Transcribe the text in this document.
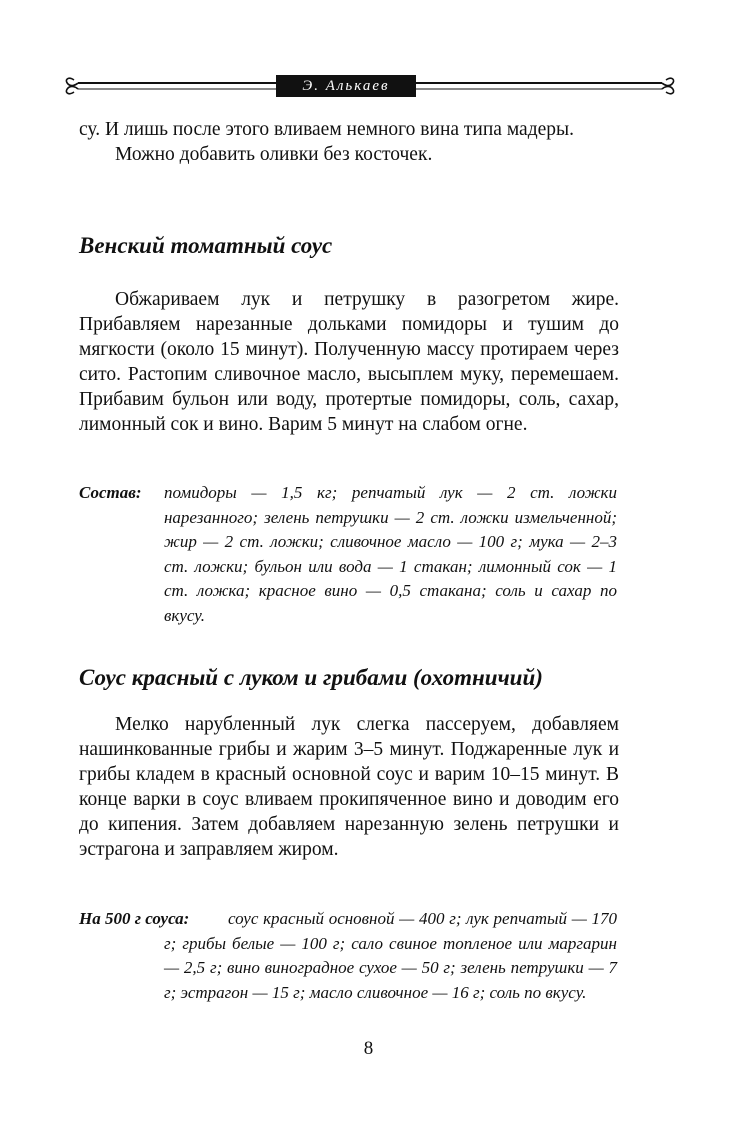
Э. Алькаев

су. И лишь после этого вливаем немного вина типа мадеры.

Можно добавить оливки без косточек.

Венский томатный соус

Обжариваем лук и петрушку в разогретом жире. Прибавляем нарезанные дольками помидоры и тушим до мягкости (около 15 минут). Полученную массу протираем через сито. Растопим сливочное масло, высыплем муку, перемешаем. Прибавим бульон или воду, протертые помидоры, соль, сахар, лимонный сок и вино. Варим 5 минут на слабом огне.

Состав: помидоры — 1,5 кг; репчатый лук — 2 ст. ложки нарезанного; зелень петрушки — 2 ст. ложки измельченной; жир — 2 ст. ложки; сливочное масло — 100 г; мука — 2–3 ст. ложки; бульон или вода — 1 стакан; лимонный сок — 1 ст. ложка; красное вино — 0,5 стакана; соль и сахар по вкусу.
Соус красный с луком и грибами (охотничий)

Мелко нарубленный лук слегка пассеруем, добавляем нашинкованные грибы и жарим 3–5 минут. Поджаренные лук и грибы кладем в красный основной соус и варим 10–15 минут. В конце варки в соус вливаем прокипяченное вино и доводим его до кипения. Затем добавляем нарезанную зелень петрушки и эстрагона и заправляем жиром.

На 500 г соуса:	соус красный основной — 400 г; лук репчатый — 170 г; грибы белые — 100 г; сало свиное топленое или маргарин — 2,5 г; вино виноградное сухое — 50 г; зелень петрушки — 7 г; эстрагон — 15 г; масло сливочное — 16 г; соль по вкусу.
8
